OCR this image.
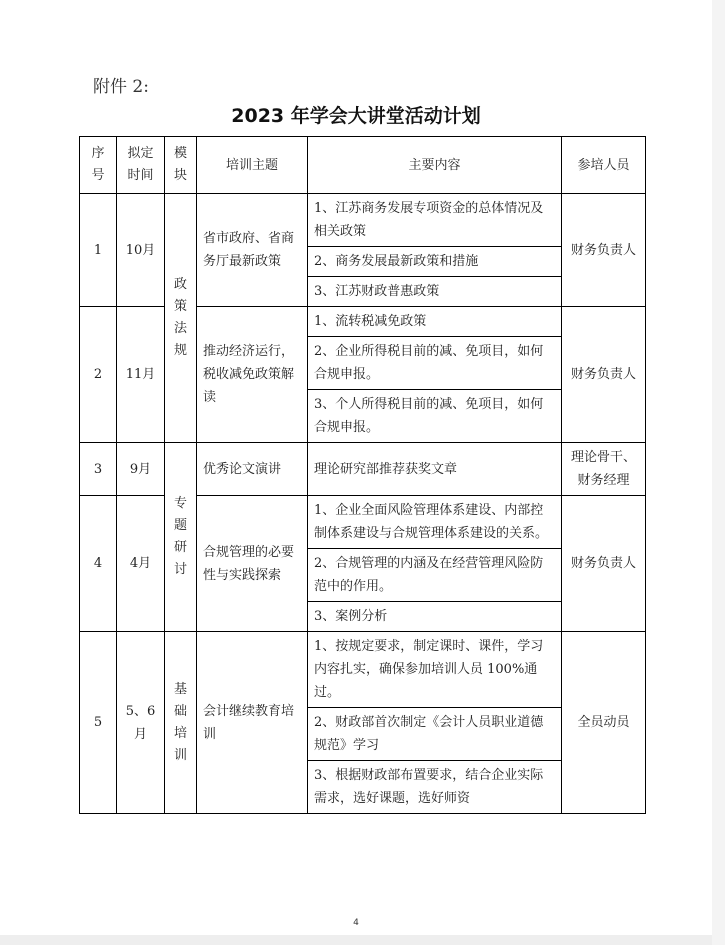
附件 2:
2023 年学会大讲堂活动计划
序号	拟定时间	模块	培训主题	主要内容	参培人员
1	10月	政策法规	省市政府、省商务厅最新政策	1、江苏商务发展专项资金的总体情况及相关政策	财务负责人
				2、商务发展最新政策和措施	
				3、江苏财政普惠政策	
2	11月		推动经济运行，税收减免政策解读	1、流转税减免政策	财务负责人
				2、企业所得税目前的减、免项目，如何合规申报。	
				3、个人所得税目前的减、免项目，如何合规申报。	
3	9月	专题研讨	优秀论文演讲	理论研究部推荐获奖文章	理论骨干、财务经理
4	4月		合规管理的必要性与实践探索	1、企业全面风险管理体系建设、内部控制体系建设与合规管理体系建设的关系。	财务负责人
				2、合规管理的内涵及在经营管理风险防范中的作用。	
				3、案例分析	
5	5、6月	基础培训	会计继续教育培训	1、按规定要求，制定课时、课件，学习内容扎实，确保参加培训人员 100%通过。	全员动员
				2、财政部首次制定《会计人员职业道德规范》学习	
				3、根据财政部布置要求，结合企业实际需求，选好课题，选好师资	
4
